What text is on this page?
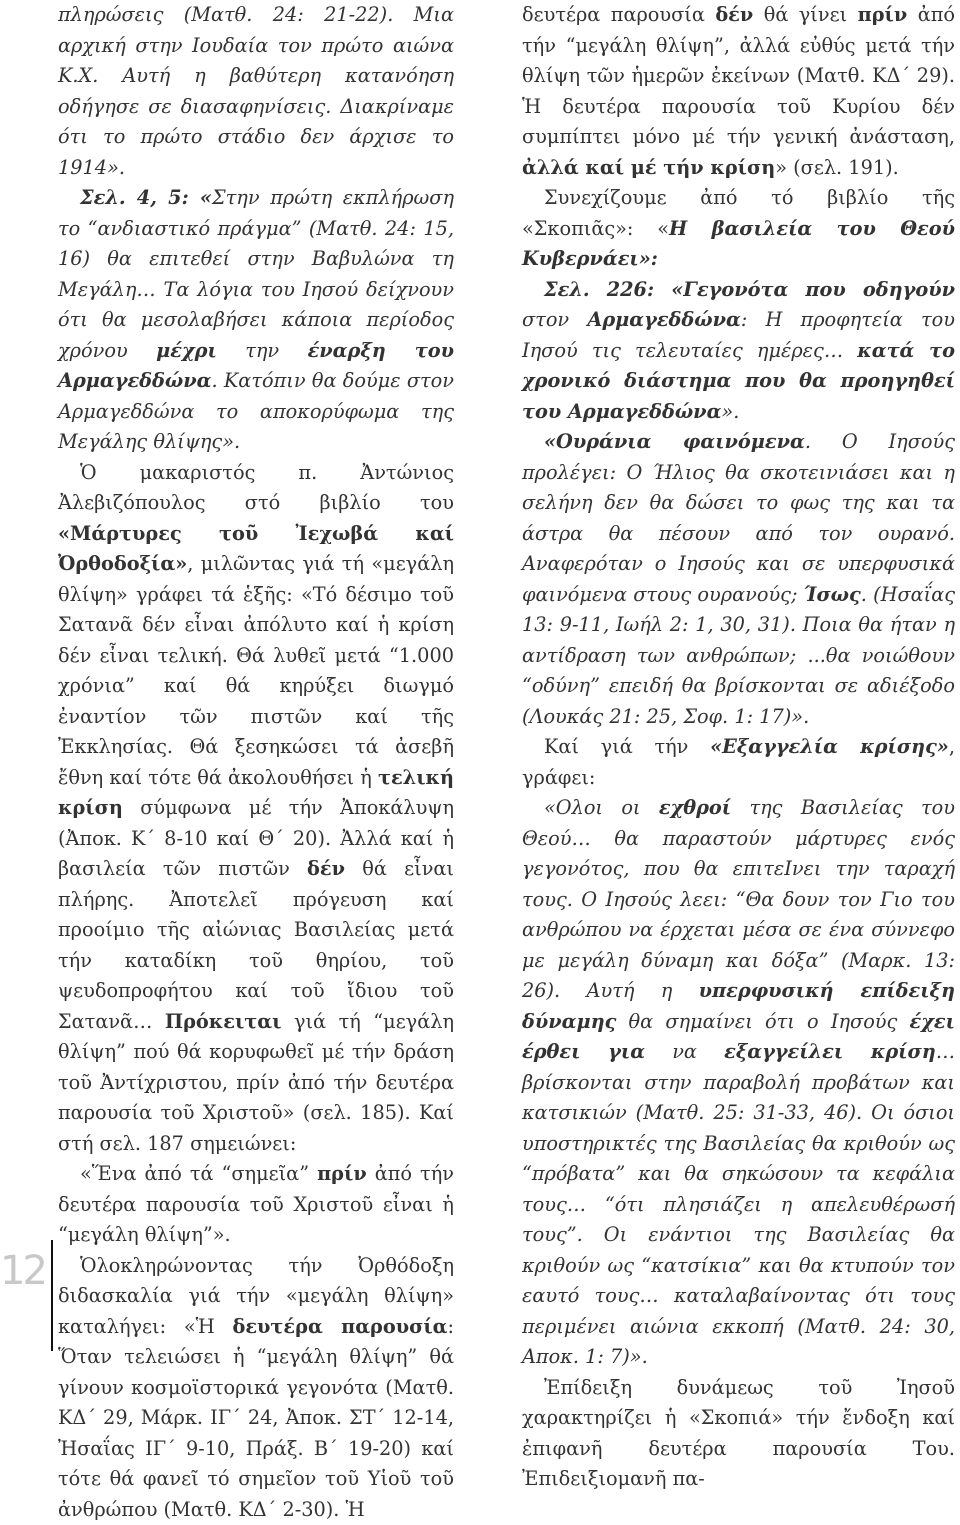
πληρώσεις (Ματθ. 24: 21-22). Μια αρχική στην Ιουδαία τον πρώτο αιώνα Κ.Χ. Αυτή η βαθύτερη κατανόηση οδήγησε σε διασαφηνίσεις. Διακρίναμε ότι το πρώτο στάδιο δεν άρχισε το 1914».

Σελ. 4, 5: «Στην πρώτη εκπλήρωση το “ανδιαστικό πράγμα” (Ματθ. 24: 15, 16) θα επιτεθεί στην Βαβυλώνα τη Μεγάλη… Τα λόγια του Ιησού δείχνουν ότι θα μεσολαβήσει κάποια περίοδος χρόνου μέχρι την έναρξη του Αρμαγεδδώνα. Κατόπιν θα δούμε στον Αρμαγεδδώνα το αποκορύφωμα της Μεγάλης θλίψης».

Ὁ μακαριστός π. Ἀντώνιος Ἀλεβιζόπουλος στό βιβλίο του «Μάρτυρες τοῦ Ἰεχωβά καί Ὀρθοδοξία», μιλῶντας γιά τή «μεγάλη θλίψη» γράφει τά ἑξῆς: «Τό δέσιμο τοῦ Σατανᾶ δέν εἶναι ἀπόλυτο καί ἡ κρίση δέν εἶναι τελική. Θά λυθεῖ μετά “1.000 χρόνια” καί θά κηρύξει διωγμό ἐναντίον τῶν πιστῶν καί τῆς Ἐκκλησίας. Θά ξεσηκώσει τά ἀσεβῆ ἔθνη καί τότε θά ἀκολουθήσει ἡ τελική κρίση σύμφωνα μέ τήν Ἀποκάλυψη (Ἀποκ. Κ΄ 8-10 καί Θ΄ 20). Ἀλλά καί ἡ βασιλεία τῶν πιστῶν δέν θά εἶναι πλήρης. Ἀποτελεῖ πρόγευση καί προοίμιο τῆς αἰώνιας Βασιλείας μετά τήν καταδίκη τοῦ θηρίου, τοῦ ψευδοπροφήτου καί τοῦ ἴδιου τοῦ Σατανᾶ… Πρόκειται γιά τή “μεγάλη θλίψη” πού θά κορυφωθεῖ μέ τήν δράση τοῦ Ἀντίχριστου, πρίν ἀπό τήν δευτέρα παρουσία τοῦ Χριστοῦ» (σελ. 185). Καί στή σελ. 187 σημειώνει:

«Ἕνα ἀπό τά “σημεῖα” πρίν ἀπό τήν δευτέρα παρουσία τοῦ Χριστοῦ εἶναι ἡ “μεγάλη θλίψη”».

Ὁλοκληρώνοντας τήν Ὀρθόδοξη διδασκαλία γιά τήν «μεγάλη θλίψη» καταλήγει: «Ἡ δευτέρα παρουσία: Ὅταν τελειώσει ἡ “μεγάλη θλίψη” θά γίνουν κοσμοϊστορικά γεγονότα (Ματθ. ΚΔ΄ 29, Μάρκ. ΙΓ΄ 24, Ἀποκ. ΣΤ΄ 12-14, Ἠσαΐας ΙΓ΄ 9-10, Πράξ. Β΄ 19-20) καί τότε θά φανεῖ τό σημεῖον τοῦ Υἱοῦ τοῦ ἀνθρώπου (Ματθ. ΚΔ΄ 2-30). Ἡ

δευτέρα παρουσία δέν θά γίνει πρίν ἀπό τήν “μεγάλη θλίψη”, ἀλλά εὐθύς μετά τήν θλίψη τῶν ἡμερῶν ἐκείνων (Ματθ. ΚΔ΄ 29). Ἡ δευτέρα παρουσία τοῦ Κυρίου δέν συμπίπτει μόνο μέ τήν γενική ἀνάσταση, ἀλλά καί μέ τήν κρίση» (σελ. 191).

Συνεχίζουμε ἀπό τό βιβλίο τῆς «Σκοπιᾶς»: «Η βασιλεία του Θεού Κυβερνάει»:

Σελ. 226: «Γεγονότα που οδηγούν στον Αρμαγεδδώνα: Η προφητεία του Ιησού τις τελευταίες ημέρες… κατά το χρονικό διάστημα που θα προηγηθεί του Αρμαγεδδώνα».

«Ουράνια φαινόμενα. Ο Ιησούς προλέγει: Ο Ήλιος θα σκοτεινιάσει και η σελήνη δεν θα δώσει το φως της και τα άστρα θα πέσουν από τον ουρανό. Αναφερόταν ο Ιησούς και σε υπερφυσικά φαινόμενα στους ουρανούς; Ίσως. (Ησαΐας 13: 9-11, Ιωήλ 2: 1, 30, 31). Ποια θα ήταν η αντίδραση των ανθρώπων; ...θα νοιώθουν “οδύνη” επειδή θα βρίσκονται σε αδιέξοδο (Λουκάς 21: 25, Σοφ. 1: 17)».

Καί γιά τήν «Εξαγγελία κρίσης», γράφει:

«Ολοι οι εχθροί της Βασιλείας του Θεού… θα παραστούν μάρτυρες ενός γεγονότος, που θα επιτεΙνει την ταραχή τους. Ο Ιησούς λεει: “Θα δουν τον Γιο του ανθρώπου να έρχεται μέσα σε ένα σύννεφο με μεγάλη δύναμη και δόξα” (Μαρκ. 13: 26). Αυτή η υπερφυσική επίδειξη δύναμης θα σημαίνει ότι ο Ιησούς έχει έρθει για να εξαγγείλει κρίση… βρίσκονται στην παραβολή προβάτων και κατσικιών (Ματθ. 25: 31-33, 46). Οι όσιοι υποστηρικτές της Βασιλείας θα κριθούν ως “πρόβατα” και θα σηκώσουν τα κεφάλια τους… “ότι πλησιάζει η απελευθέρωσή τους”. Οι ενάντιοι της Βασιλείας θα κριθούν ως “κατσίκια” και θα κτυπούν τον εαυτό τους… καταλαβαίνοντας ότι τους περιμένει αιώνια εκκοπή (Ματθ. 24: 30, Αποκ. 1: 7)».

Ἐπίδειξη δυνάμεως τοῦ Ἰησοῦ χαρακτηρίζει ἡ «Σκοπιά» τήν ἔνδοξη καί ἐπιφανῆ δευτέρα παρουσία Του. Ἐπιδειξιομανῆ πα-

12
